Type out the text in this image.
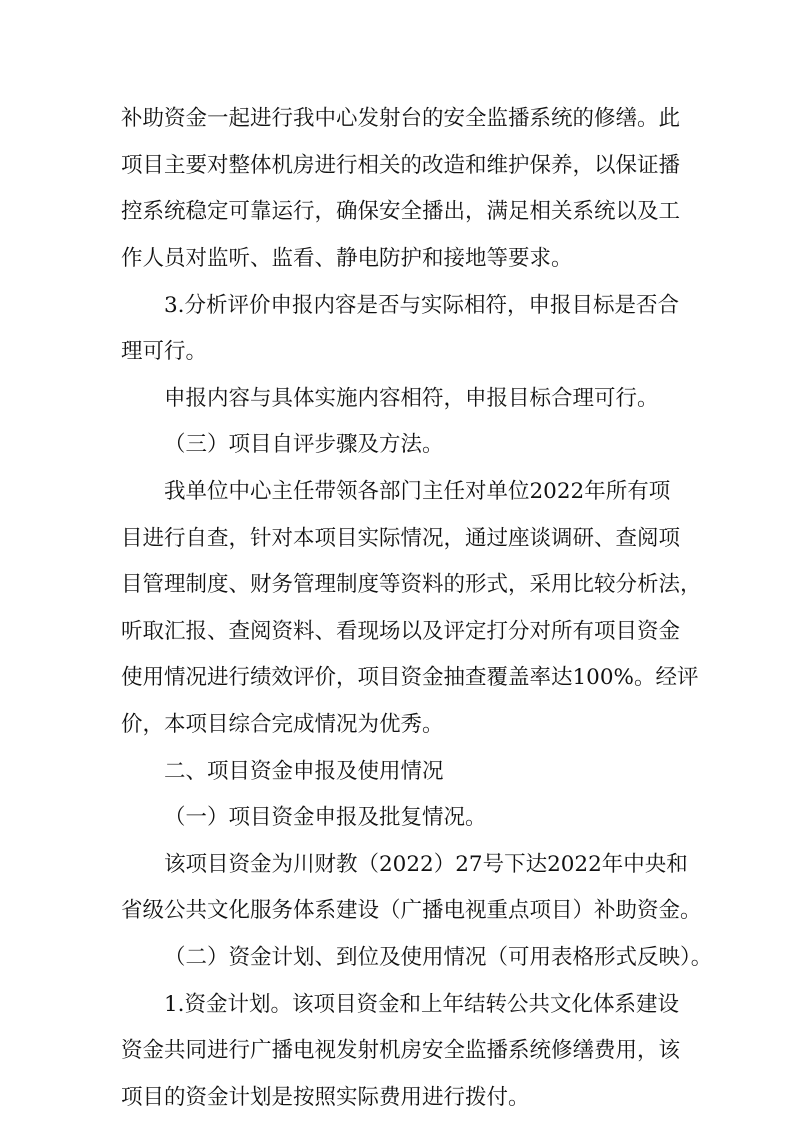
补助资金一起进行我中心发射台的安全监播系统的修缮。此
项目主要对整体机房进行相关的改造和维护保养，以保证播
控系统稳定可靠运行，确保安全播出，满足相关系统以及工
作人员对监听、监看、静电防护和接地等要求。
3.分析评价申报内容是否与实际相符，申报目标是否合
理可行。
申报内容与具体实施内容相符，申报目标合理可行。
（三）项目自评步骤及方法。
我单位中心主任带领各部门主任对单位2022年所有项
目进行自查，针对本项目实际情况，通过座谈调研、查阅项
目管理制度、财务管理制度等资料的形式，采用比较分析法，
听取汇报、查阅资料、看现场以及评定打分对所有项目资金
使用情况进行绩效评价，项目资金抽查覆盖率达100%。经评
价，本项目综合完成情况为优秀。
二、项目资金申报及使用情况
（一）项目资金申报及批复情况。
该项目资金为川财教（2022）27号下达2022年中央和
省级公共文化服务体系建设（广播电视重点项目）补助资金。
（二）资金计划、到位及使用情况（可用表格形式反映）。
1.资金计划。该项目资金和上年结转公共文化体系建设
资金共同进行广播电视发射机房安全监播系统修缮费用，该
项目的资金计划是按照实际费用进行拨付。
